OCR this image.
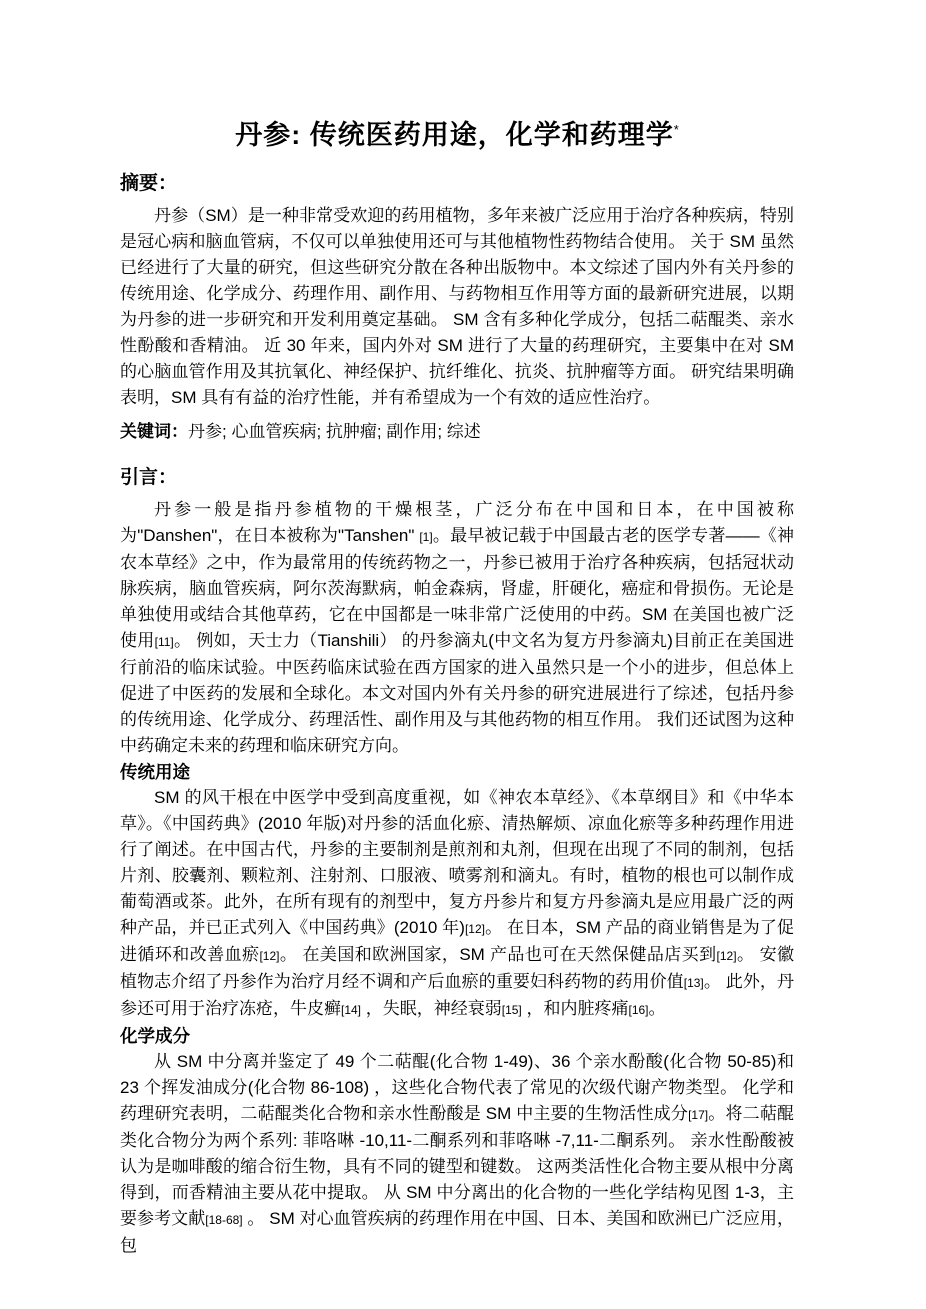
丹参: 传统医药用途，化学和药理学*
摘要：

丹参（SM）是一种非常受欢迎的药用植物，多年来被广泛应用于治疗各种疾病，特别是冠心病和脑血管病，不仅可以单独使用还可与其他植物性药物结合使用。 关于 SM 虽然已经进行了大量的研究，但这些研究分散在各种出版物中。本文综述了国内外有关丹参的传统用途、化学成分、药理作用、副作用、与药物相互作用等方面的最新研究进展，以期为丹参的进一步研究和开发利用奠定基础。 SM 含有多种化学成分，包括二萜醌类、亲水性酚酸和香精油。 近 30 年来，国内外对 SM 进行了大量的药理研究，主要集中在对 SM 的心脑血管作用及其抗氧化、神经保护、抗纤维化、抗炎、抗肿瘤等方面。 研究结果明确表明，SM 具有有益的治疗性能，并有希望成为一个有效的适应性治疗。

关键词：丹参; 心血管疾病; 抗肿瘤; 副作用; 综述

引言：

丹参一般是指丹参植物的干燥根茎，广泛分布在中国和日本，在中国被称为"Danshen"，在日本被称为"Tanshen" [1]。最早被记载于中国最古老的医学专著——《神农本草经》之中，作为最常用的传统药物之一，丹参已被用于治疗各种疾病，包括冠状动脉疾病，脑血管疾病，阿尔茨海默病，帕金森病，肾虚，肝硬化，癌症和骨损伤。无论是单独使用或结合其他草药，它在中国都是一味非常广泛使用的中药。SM 在美国也被广泛使用[11]。 例如，天士力（Tianshili） 的丹参滴丸(中文名为复方丹参滴丸)目前正在美国进行前沿的临床试验。中医药临床试验在西方国家的进入虽然只是一个小的进步，但总体上促进了中医药的发展和全球化。本文对国内外有关丹参的研究进展进行了综述，包括丹参的传统用途、化学成分、药理活性、副作用及与其他药物的相互作用。 我们还试图为这种中药确定未来的药理和临床研究方向。

传统用途

SM 的风干根在中医学中受到高度重视，如《神农本草经》、《本草纲目》和《中华本草》。《中国药典》(2010 年版)对丹参的活血化瘀、清热解烦、凉血化瘀等多种药理作用进行了阐述。在中国古代，丹参的主要制剂是煎剂和丸剂，但现在出现了不同的制剂，包括片剂、胶囊剂、颗粒剂、注射剂、口服液、喷雾剂和滴丸。有时，植物的根也可以制作成葡萄酒或茶。此外，在所有现有的剂型中，复方丹参片和复方丹参滴丸是应用最广泛的两种产品，并已正式列入《中国药典》(2010 年)[12]。 在日本，SM 产品的商业销售是为了促进循环和改善血瘀[12]。 在美国和欧洲国家，SM 产品也可在天然保健品店买到[12]。 安徽植物志介绍了丹参作为治疗月经不调和产后血瘀的重要妇科药物的药用价值[13]。 此外，丹参还可用于治疗冻疮，牛皮癣[14] ，失眠，神经衰弱[15] ，和内脏疼痛[16]。

化学成分

从 SM 中分离并鉴定了 49 个二萜醌(化合物 1-49)、36 个亲水酚酸(化合物 50-85)和 23 个挥发油成分(化合物 86-108) ，这些化合物代表了常见的次级代谢产物类型。 化学和药理研究表明，二萜醌类化合物和亲水性酚酸是 SM 中主要的生物活性成分[17]。将二萜醌类化合物分为两个系列: 菲咯啉 -10,11-二酮系列和菲咯啉 -7,11-二酮系列。 亲水性酚酸被认为是咖啡酸的缩合衍生物，具有不同的键型和键数。 这两类活性化合物主要从根中分离得到，而香精油主要从花中提取。 从 SM 中分离出的化合物的一些化学结构见图 1-3，主要参考文献[18-68] 。 SM 对心血管疾病的药理作用在中国、日本、美国和欧洲已广泛应用，包
